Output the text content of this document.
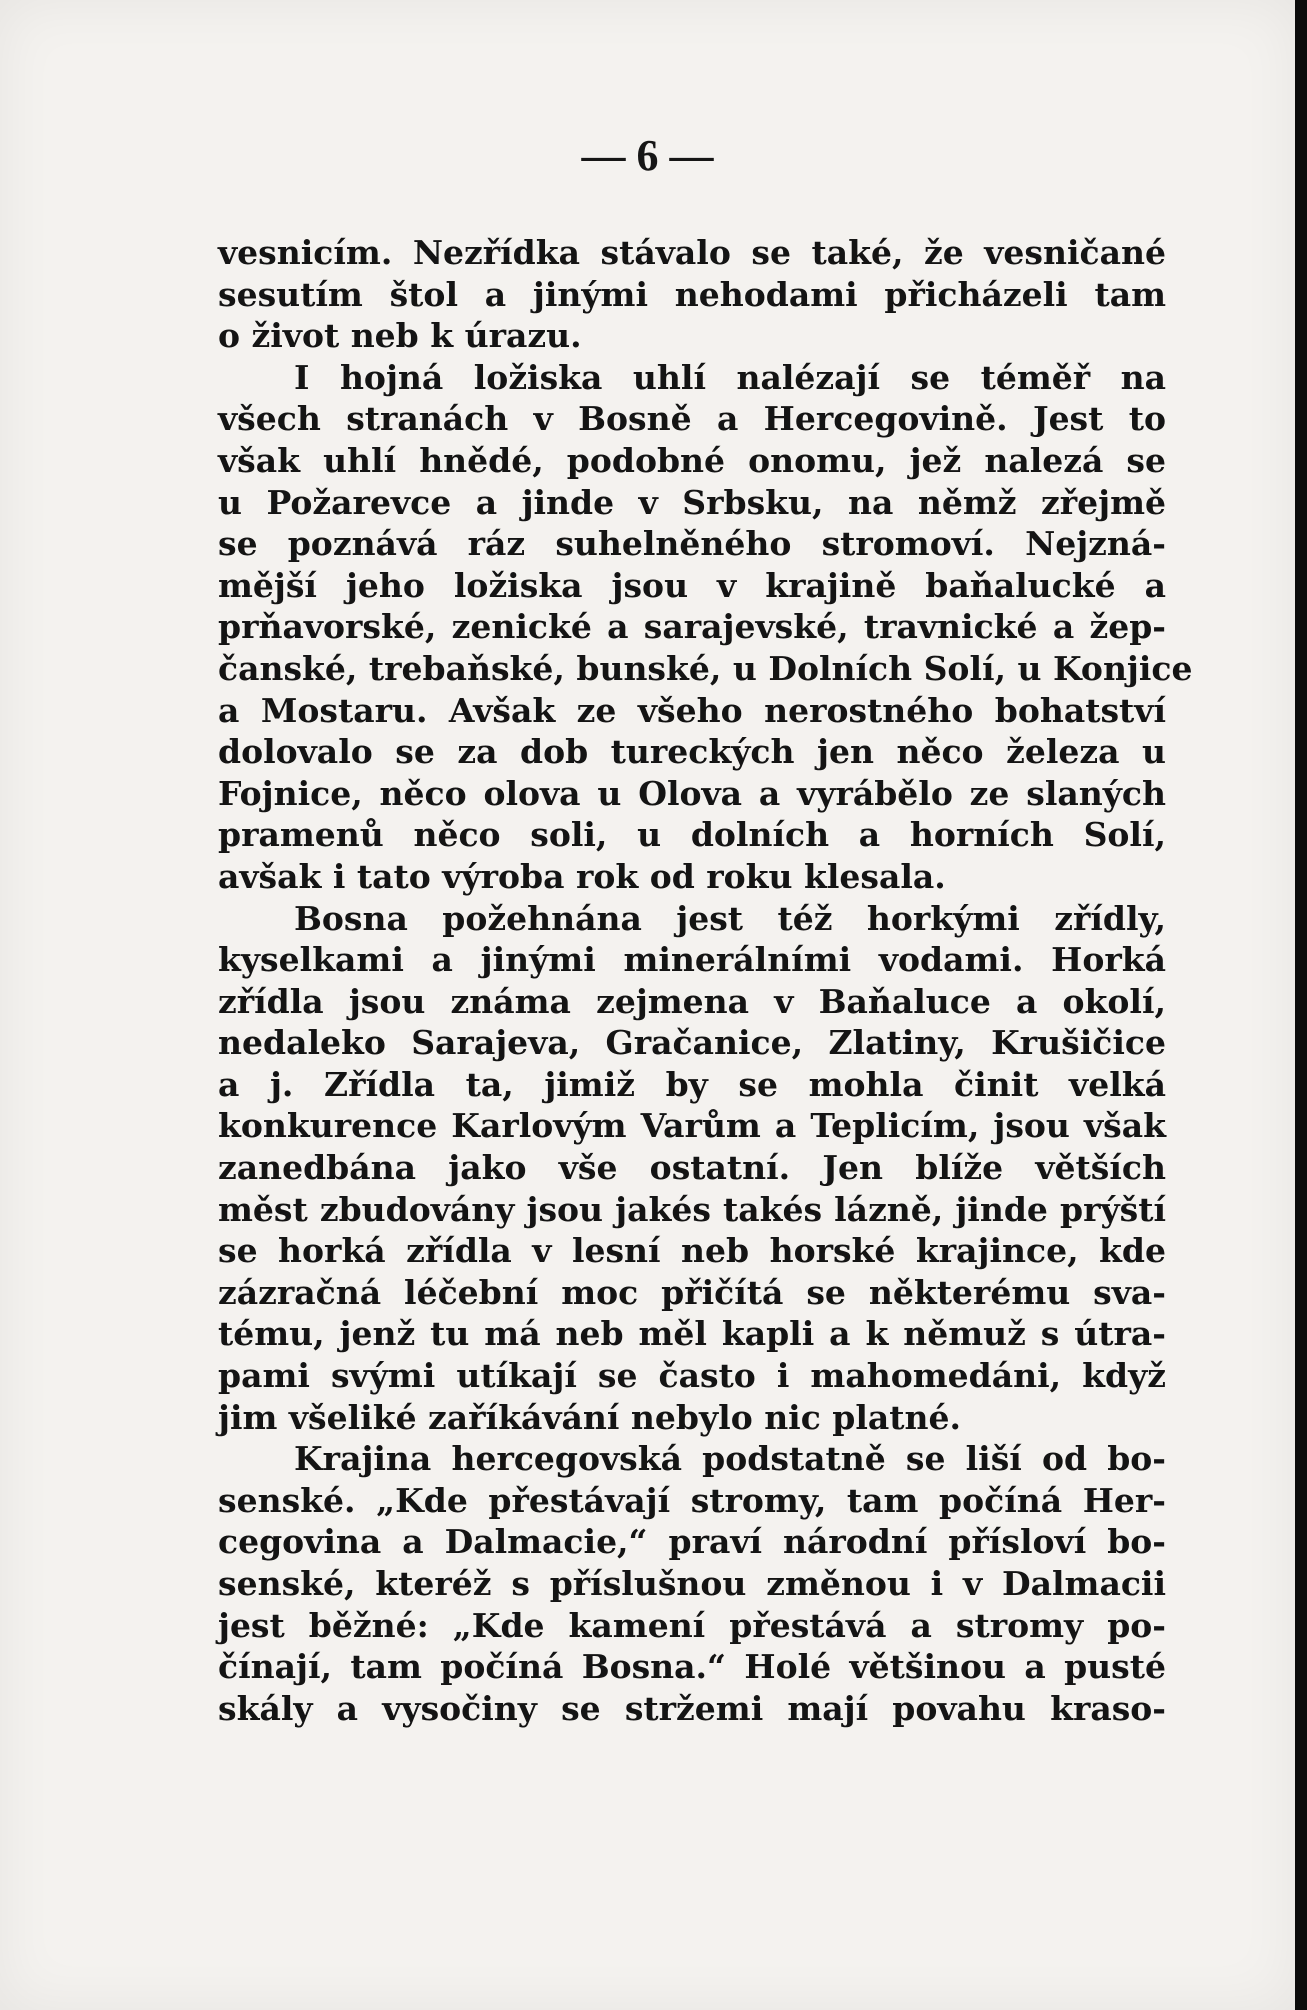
— 6 —
vesnicím. Nezřídka stávalo se také, že vesničané
sesutím štol a jinými nehodami přicházeli tam
o život neb k úrazu.
I hojná ložiska uhlí nalézají se téměř na
všech stranách v Bosně a Hercegovině. Jest to
však uhlí hnědé, podobné onomu, jež nalezá se
u Požarevce a jinde v Srbsku, na němž zřejmě
se poznává ráz suhelněného stromoví. Nejzná-
mější jeho ložiska jsou v krajině baňalucké a
prňavorské, zenické a sarajevské, travnické a žep-
čanské, trebaňské, bunské, u Dolních Solí, u Konjice
a Mostaru. Avšak ze všeho nerostného bohatství
dolovalo se za dob tureckých jen něco železa u
Fojnice, něco olova u Olova a vyrábělo ze slaných
pramenů něco soli, u dolních a horních Solí,
avšak i tato výroba rok od roku klesala.
Bosna požehnána jest též horkými zřídly,
kyselkami a jinými minerálními vodami. Horká
zřídla jsou známa zejmena v Baňaluce a okolí,
nedaleko Sarajeva, Gračanice, Zlatiny, Krušičice
a j. Zřídla ta, jimiž by se mohla činit velká
konkurence Karlovým Varům a Teplicím, jsou však
zanedbána jako vše ostatní. Jen blíže větších
měst zbudovány jsou jakés takés lázně, jinde prýští
se horká zřídla v lesní neb horské krajince, kde
zázračná léčební moc přičítá se některému sva-
tému, jenž tu má neb měl kapli a k němuž s útra-
pami svými utíkají se často i mahomedáni, když
jim všeliké zaříkávání nebylo nic platné.
Krajina hercegovská podstatně se liší od bo-
senské. „Kde přestávají stromy, tam počíná Her-
cegovina a Dalmacie,“ praví národní přísloví bo-
senské, kteréž s příslušnou změnou i v Dalmacii
jest běžné: „Kde kamení přestává a stromy po-
čínají, tam počíná Bosna.“ Holé většinou a pusté
skály a vysočiny se stržemi mají povahu kraso-
